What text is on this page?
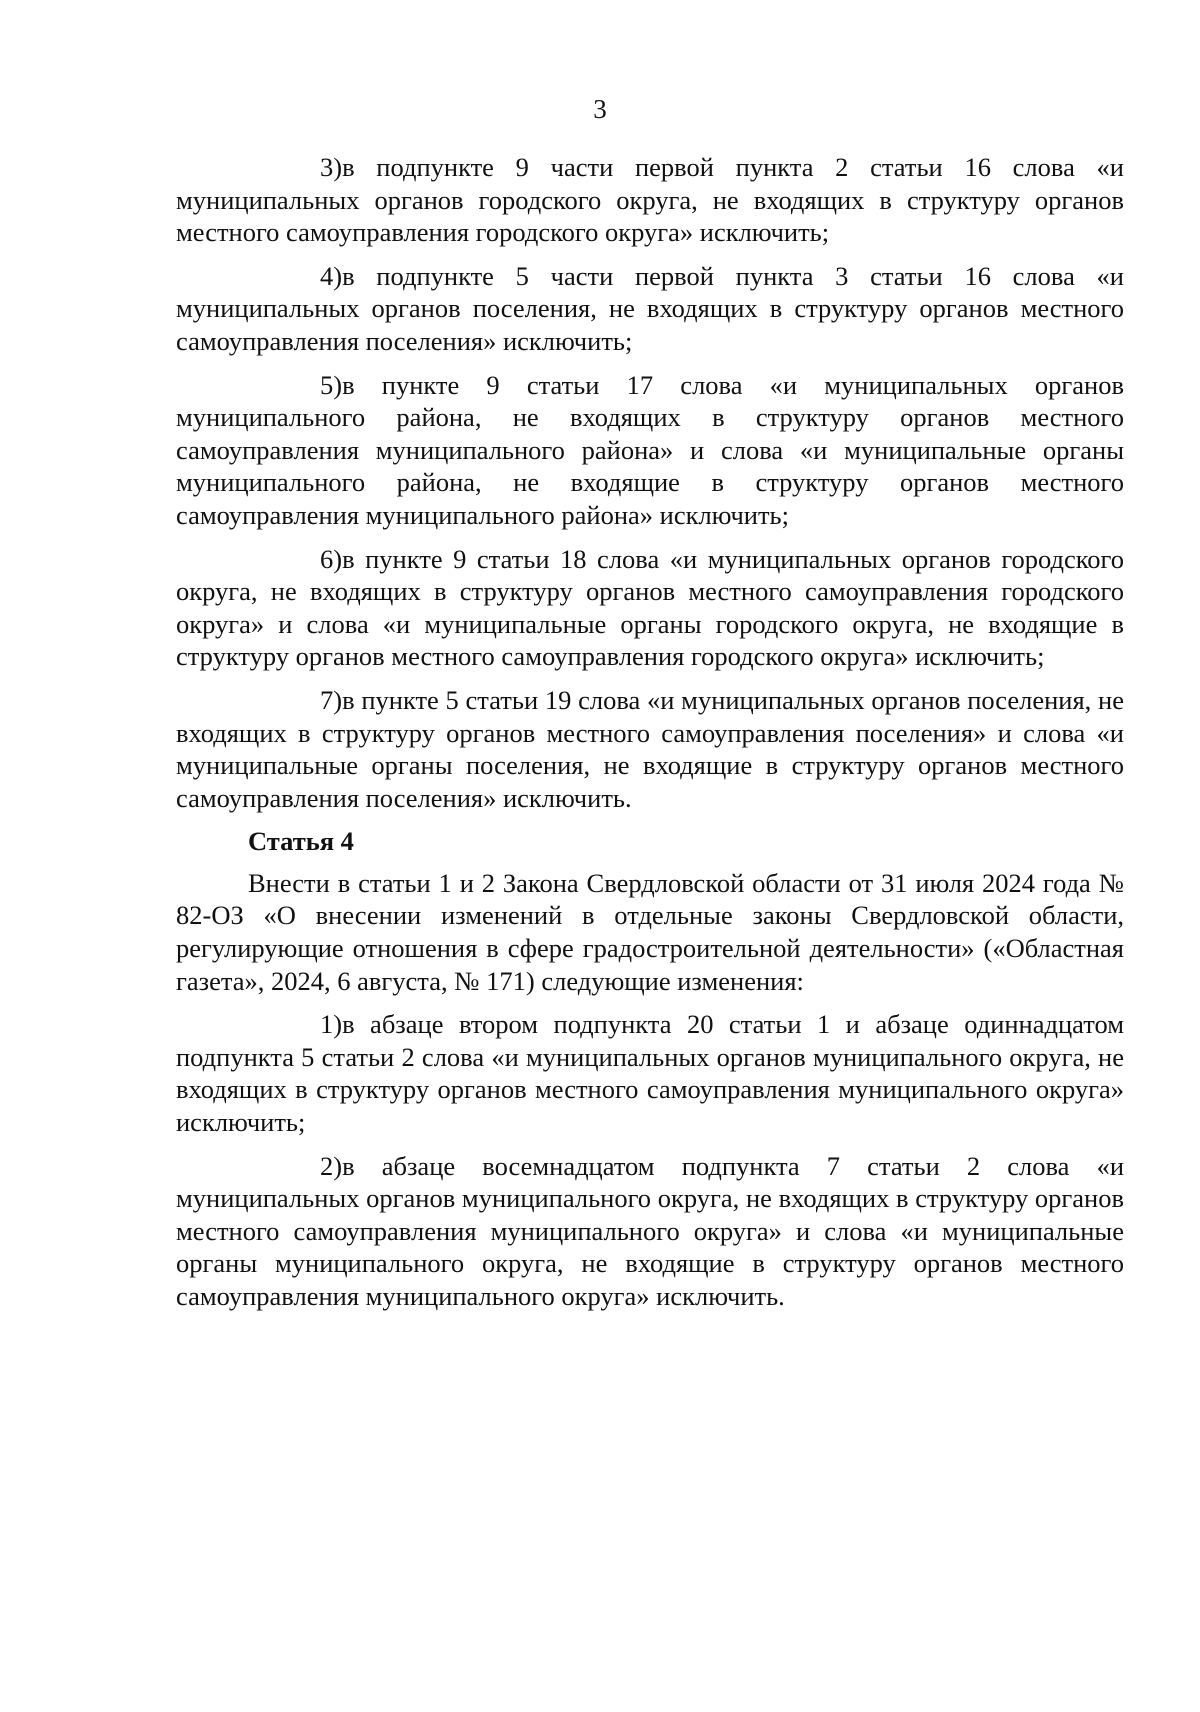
3

3)в подпункте 9 части первой пункта 2 статьи 16 слова «и муниципальных органов городского округа, не входящих в структуру органов местного самоуправления городского округа» исключить;

4)в подпункте 5 части первой пункта 3 статьи 16 слова «и муниципальных органов поселения, не входящих в структуру органов местного самоуправления поселения» исключить;

5)в пункте 9 статьи 17 слова «и муниципальных органов муниципального района, не входящих в структуру органов местного самоуправления муниципального района» и слова «и муниципальные органы муниципального района, не входящие в структуру органов местного самоуправления муниципального района» исключить;

6)в пункте 9 статьи 18 слова «и муниципальных органов городского округа, не входящих в структуру органов местного самоуправления городского округа» и слова «и муниципальные органы городского округа, не входящие в структуру органов местного самоуправления городского округа» исключить;

7)в пункте 5 статьи 19 слова «и муниципальных органов поселения, не входящих в структуру органов местного самоуправления поселения» и слова «и муниципальные органы поселения, не входящие в структуру органов местного самоуправления поселения» исключить.

Статья 4

Внести в статьи 1 и 2 Закона Свердловской области от 31 июля 2024 года № 82-ОЗ «О внесении изменений в отдельные законы Свердловской области, регулирующие отношения в сфере градостроительной деятельности» («Областная газета», 2024, 6 августа, № 171) следующие изменения:

1)в абзаце втором подпункта 20 статьи 1 и абзаце одиннадцатом подпункта 5 статьи 2 слова «и муниципальных органов муниципального округа, не входящих в структуру органов местного самоуправления муниципального округа» исключить;

2)в абзаце восемнадцатом подпункта 7 статьи 2 слова «и муниципальных органов муниципального округа, не входящих в структуру органов местного самоуправления муниципального округа» и слова «и муниципальные органы муниципального округа, не входящие в структуру органов местного самоуправления муниципального округа» исключить.
